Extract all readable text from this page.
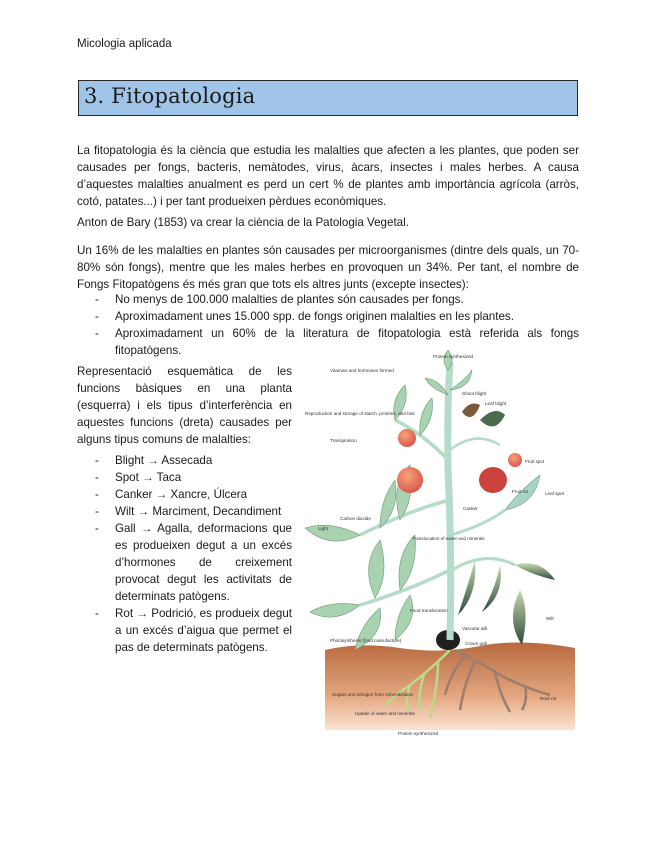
Micologia aplicada
3. Fitopatologia

La fitopatologia és la ciència que estudia les malalties que afecten a les plantes, que poden ser causades per fongs, bacteris, nemàtodes, virus, àcars, insectes i males herbes. A causa d’aquestes malalties anualment es perd un cert % de plantes amb importància agrícola (arròs, cotó, patates...) i per tant produeixen pèrdues econòmiques.

Anton de Bary (1853) va crear la ciència de la Patologia Vegetal.

Un 16% de les malalties en plantes són causades per microorganismes (dintre dels quals, un 70-80% són fongs), mentre que les males herbes en provoquen un 34%. Per tant, el nombre de Fongs Fitopatògens és més gran que tots els altres junts (excepte insectes):

- No menys de 100.000 malalties de plantes són causades per fongs.
- Aproximadament unes 15.000 spp. de fongs originen malalties en les plantes.
- Aproximadament un 60% de la literatura de fitopatologia està referida als fongs fitopatògens.

Representació esquemàtica de les funcions bàsiques en una planta (esquerra) i els tipus d’interferència en aquestes funcions (dreta) causades per alguns tipus comuns de malalties:

- Blight → Assecada
- Spot → Taca
- Canker → Xancre, Úlcera
- Wilt → Marciment, Decandiment
- Gall → Agalla, deformacions que es produeixen degut a un excés d’hormones de creixement provocat degut les activitats de determinats patògens.
- Rot → Podrició, es produeix degut a un excés d’aigua que permet el pas de determinats patògens.
Protein synthesized
Vitamins and hormones formed
Shoot blight
Leaf blight
Reproduction and storage of starch, proteins, and fats
Fruit spot
Fruit rot
Transpiration
Leaf spot
Light
Carbon dioxide
Translocation of water and minerals
Canker
Food translocation
Vascular wilt
Wilt
Photosynthesis (food manufacture)
Crown gall
Sugars and nitrogen from mineralization
Root rot
Uptake of water and minerals
Protein synthesized
